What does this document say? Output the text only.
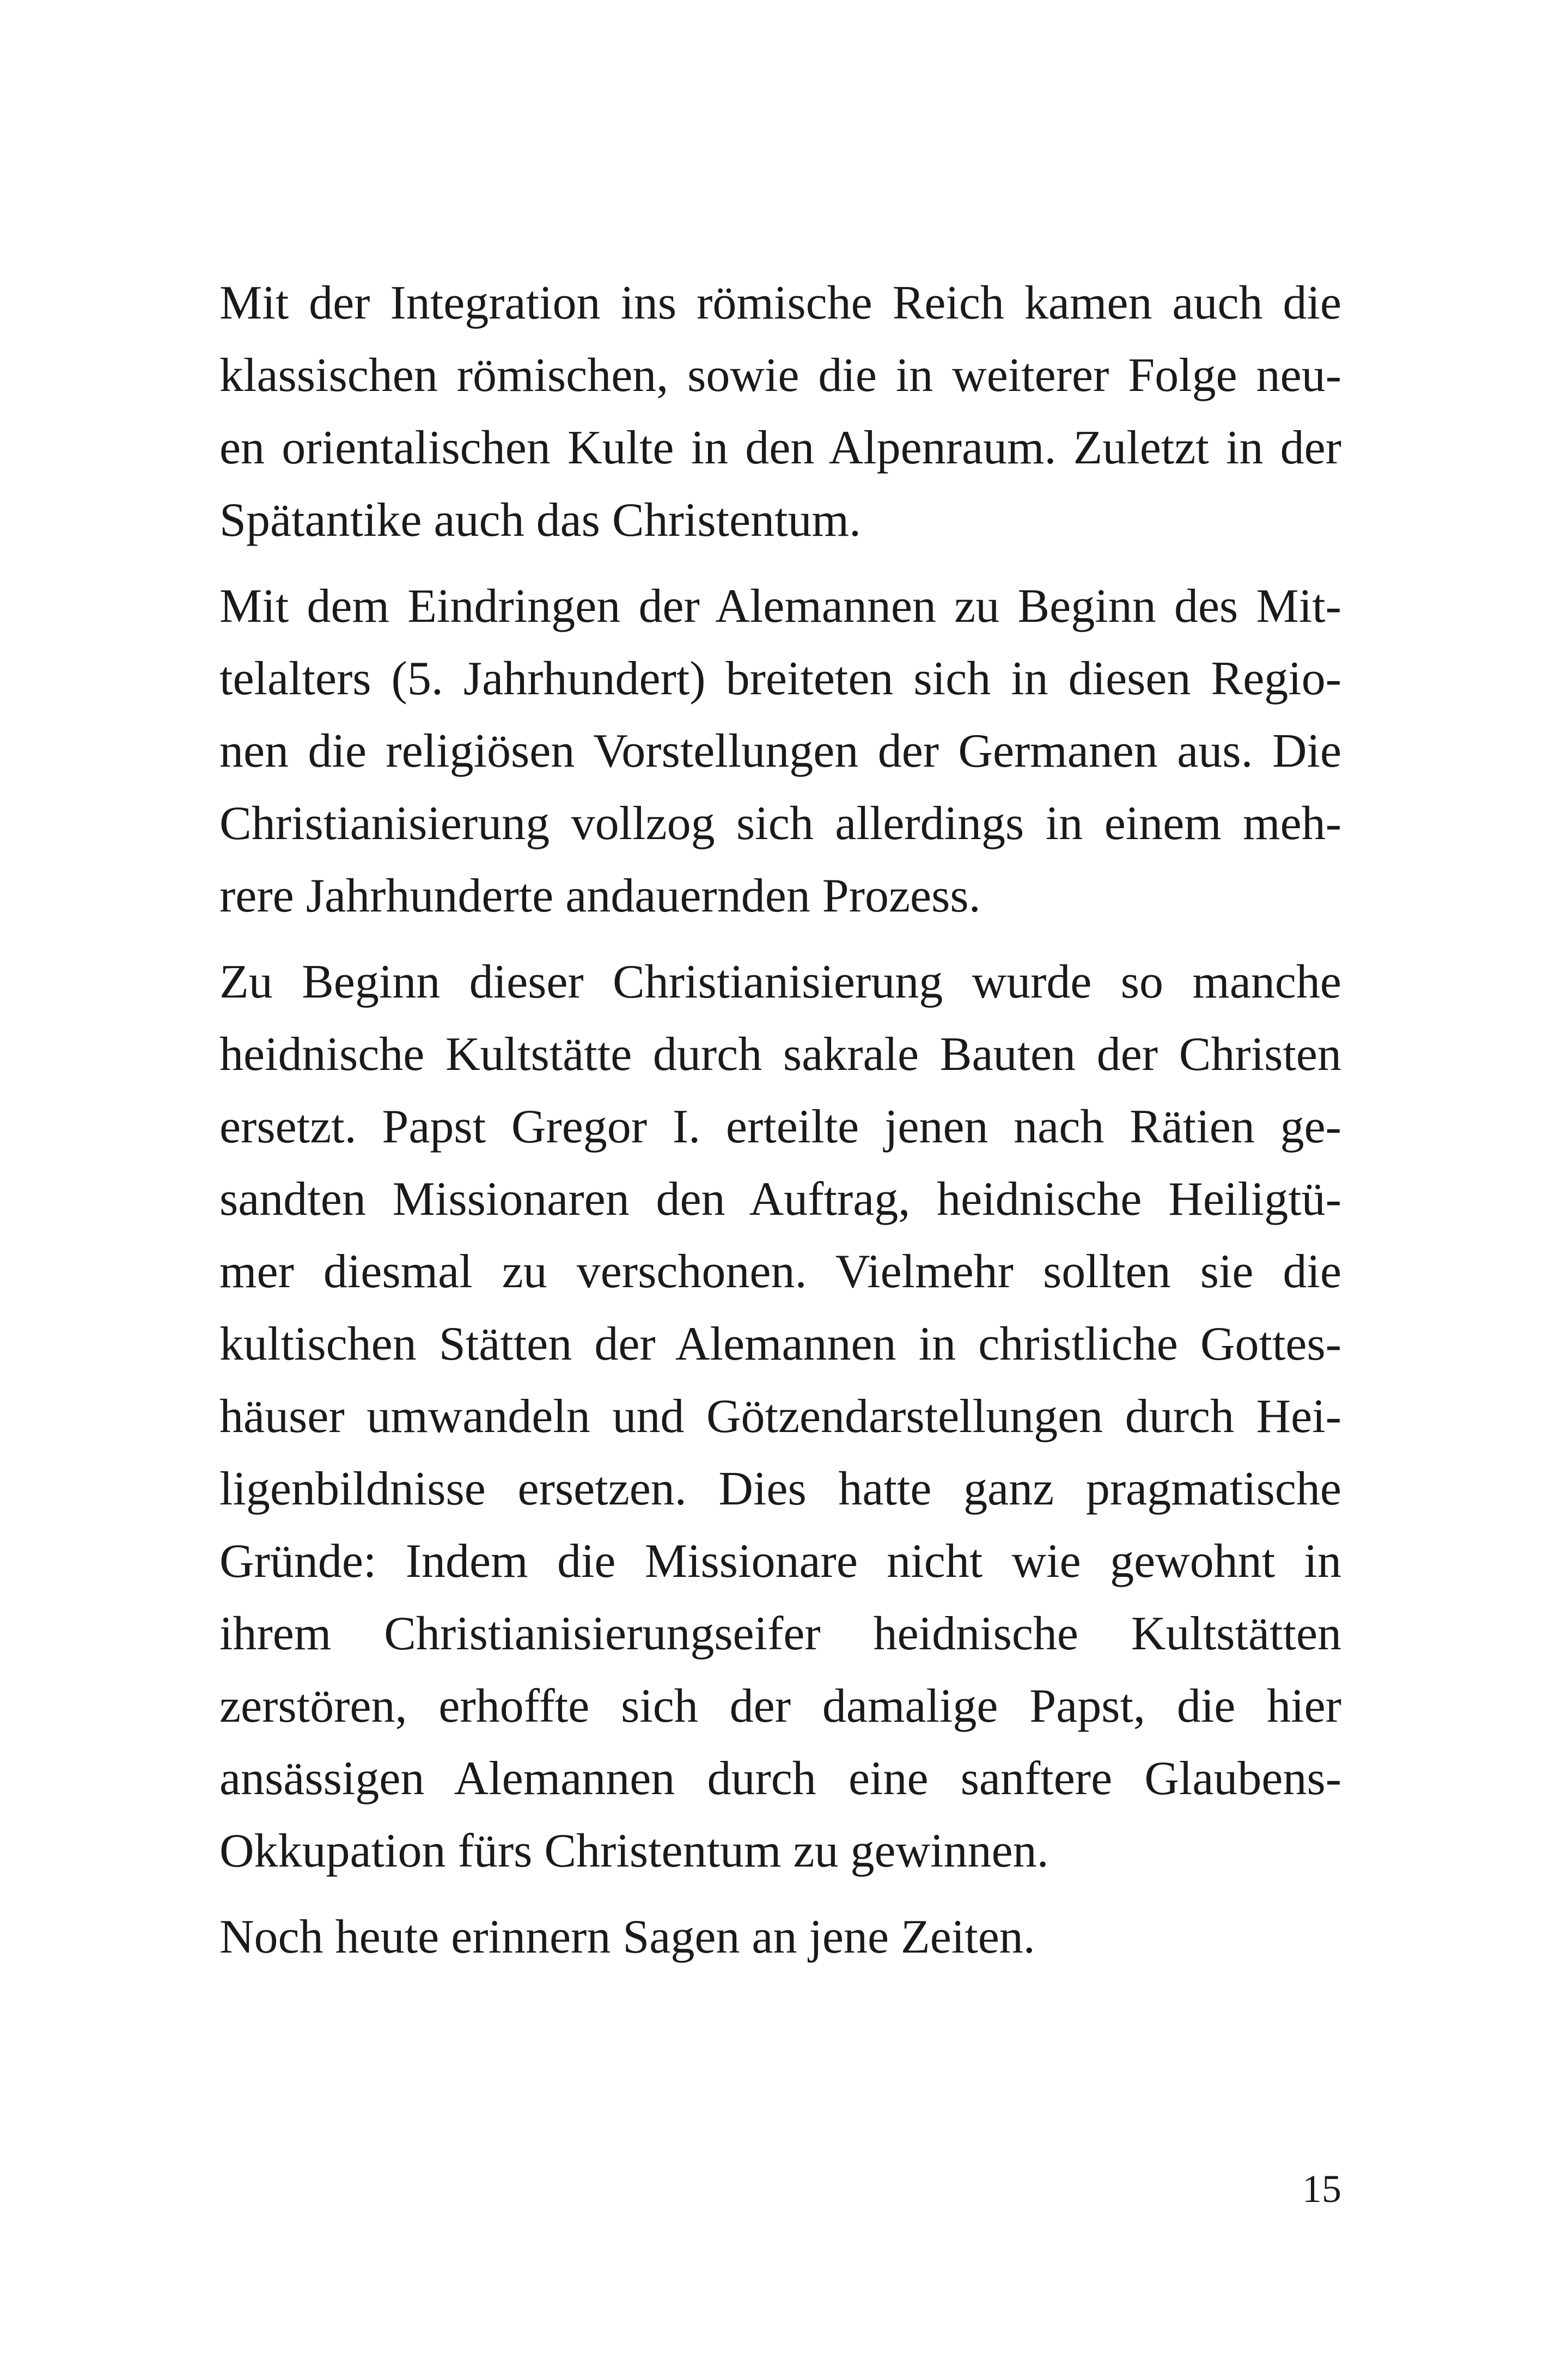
Mit der Integration ins römische Reich kamen auch die
klassischen römischen, sowie die in weiterer Folge neu-
en orientalischen Kulte in den Alpenraum. Zuletzt in der
Spätantike auch das Christentum.
Mit dem Eindringen der Alemannen zu Beginn des Mit-
telalters (5. Jahrhundert) breiteten sich in diesen Regio-
nen die religiösen Vorstellungen der Germanen aus. Die
Christianisierung vollzog sich allerdings in einem meh-
rere Jahrhunderte andauernden Prozess.
Zu Beginn dieser Christianisierung wurde so manche
heidnische Kultstätte durch sakrale Bauten der Christen
ersetzt. Papst Gregor I. erteilte jenen nach Rätien ge-
sandten Missionaren den Auftrag, heidnische Heiligtü-
mer diesmal zu verschonen. Vielmehr sollten sie die
kultischen Stätten der Alemannen in christliche Gottes-
häuser umwandeln und Götzendarstellungen durch Hei-
ligenbildnisse ersetzen. Dies hatte ganz pragmatische
Gründe: Indem die Missionare nicht wie gewohnt in
ihrem Christianisierungseifer heidnische Kultstätten
zerstören, erhoffte sich der damalige Papst, die hier
ansässigen Alemannen durch eine sanftere Glaubens-
Okkupation fürs Christentum zu gewinnen.
Noch heute erinnern Sagen an jene Zeiten.
15
